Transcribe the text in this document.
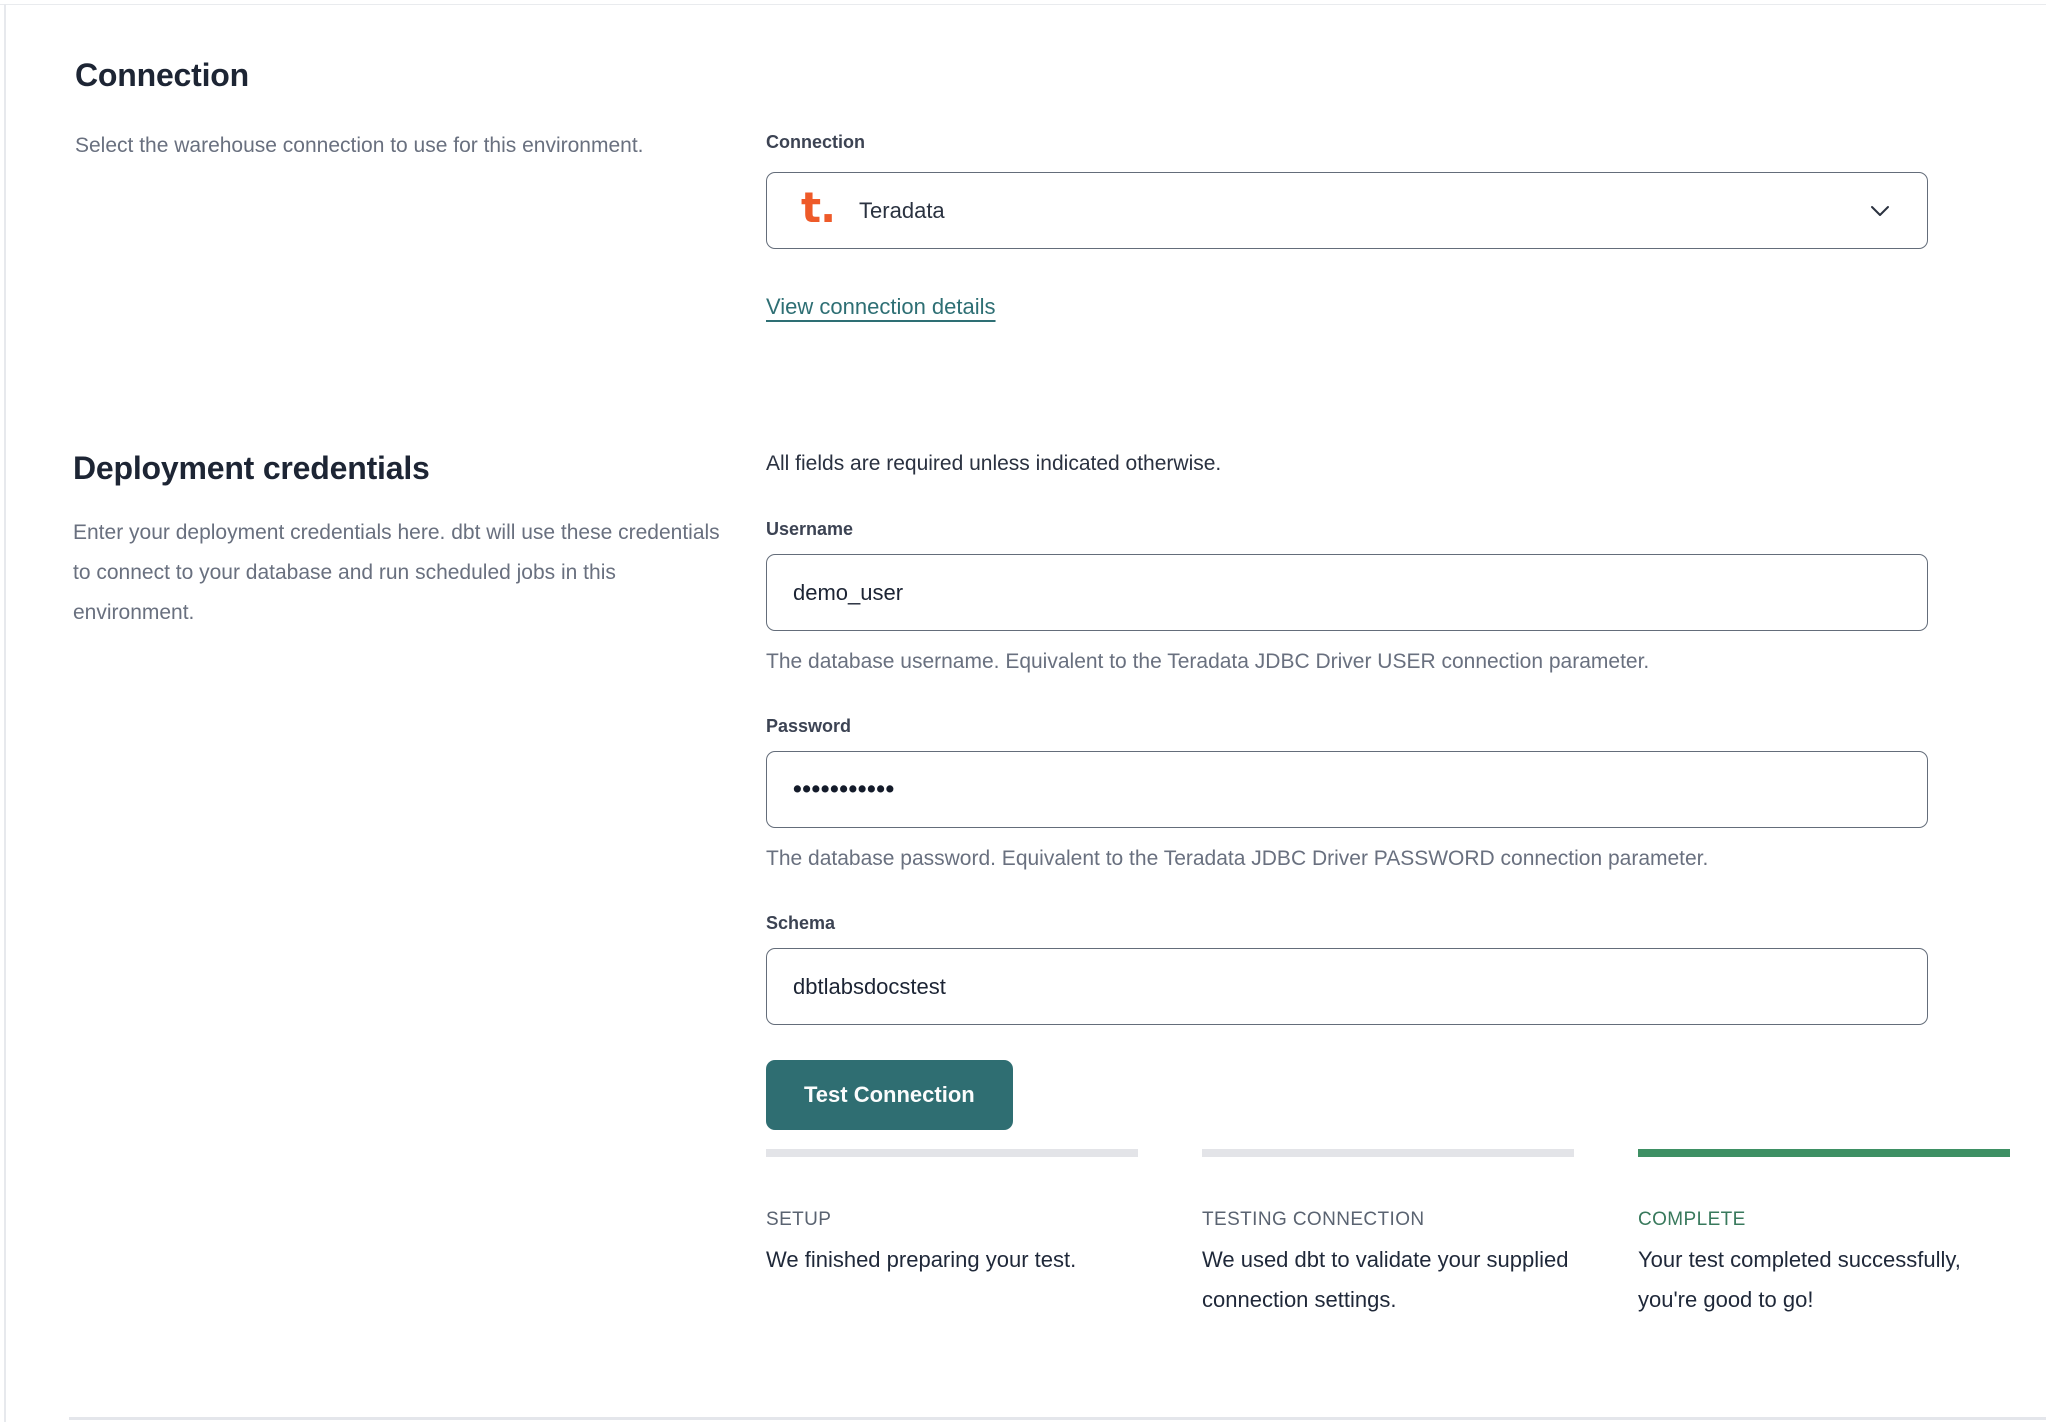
Connection
Select the warehouse connection to use for this environment.	Connection
t. Teradata
View connection details
Deployment credentials
Enter your deployment credentials here. dbt will use these credentials to connect to your database and run scheduled jobs in this environment.
All fields are required unless indicated otherwise.
Username
demo_user
The database username. Equivalent to the Teradata JDBC Driver USER connection parameter.
Password
•••••••••••
The database password. Equivalent to the Teradata JDBC Driver PASSWORD connection parameter.
Schema
dbtlabsdocstest Test Connection
SETUP
We finished preparing your test.
TESTING CONNECTION
We used dbt to validate your supplied connection settings.
COMPLETE
Your test completed successfully, you're good to go!
